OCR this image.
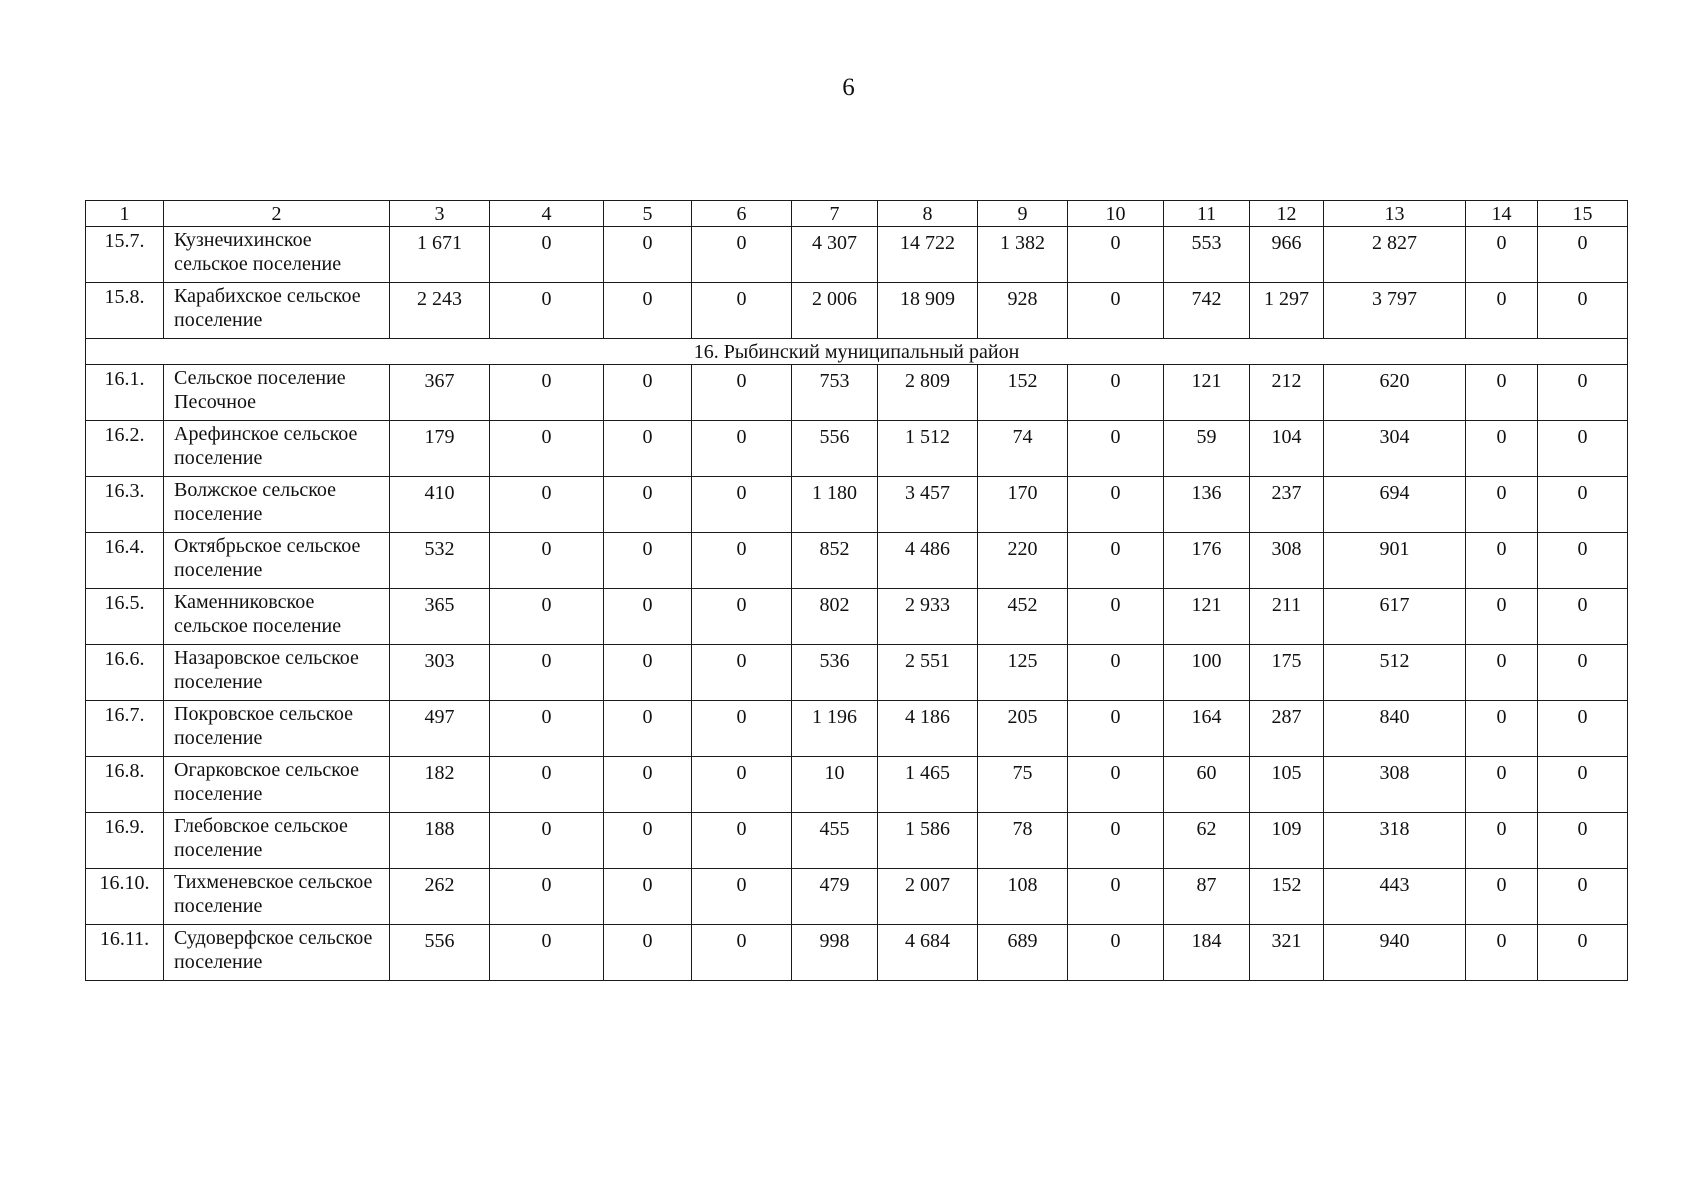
6
1	2	3	4	5	6	7	8	9	10	11	12	13	14	15
15.7.	Кузнечихинское сельское поселение	1 671	0	0	0	4 307	14 722	1 382	0	553	966	2 827	0	0
15.8.	Карабихское сельское поселение	2 243	0	0	0	2 006	18 909	928	0	742	1 297	3 797	0	0
16. Рыбинский муниципальный район														
16.1.	Сельское поселение Песочное	367	0	0	0	753	2 809	152	0	121	212	620	0	0
16.2.	Арефинское сельское поселение	179	0	0	0	556	1 512	74	0	59	104	304	0	0
16.3.	Волжское сельское поселение	410	0	0	0	1 180	3 457	170	0	136	237	694	0	0
16.4.	Октябрьское сельское поселение	532	0	0	0	852	4 486	220	0	176	308	901	0	0
16.5.	Каменниковское сельское поселение	365	0	0	0	802	2 933	452	0	121	211	617	0	0
16.6.	Назаровское сельское поселение	303	0	0	0	536	2 551	125	0	100	175	512	0	0
16.7.	Покровское сельское поселение	497	0	0	0	1 196	4 186	205	0	164	287	840	0	0
16.8.	Огарковское сельское поселение	182	0	0	0	10	1 465	75	0	60	105	308	0	0
16.9.	Глебовское сельское поселение	188	0	0	0	455	1 586	78	0	62	109	318	0	0
16.10.	Тихменевское сельское поселение	262	0	0	0	479	2 007	108	0	87	152	443	0	0
16.11.	Судоверфское сельское поселение	556	0	0	0	998	4 684	689	0	184	321	940	0	0
